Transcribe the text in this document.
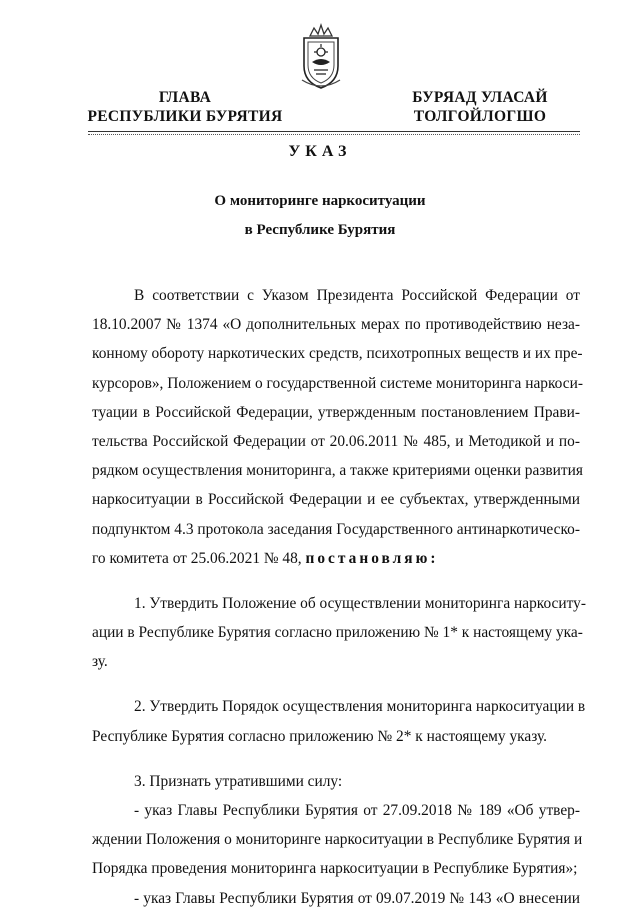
ГЛАВА
РЕСПУБЛИКИ БУРЯТИЯ
БУРЯАД УЛАСАЙ
ТОЛГОЙЛОГШО
УКАЗ
О мониторинге наркоситуации
в Республике Бурятия
В соответствии с Указом Президента Российской Федерации от
18.10.2007 № 1374 «О дополнительных мерах по противодействию неза-
конному обороту наркотических средств, психотропных веществ и их пре-
курсоров», Положением о государственной системе мониторинга наркоси-
туации в Российской Федерации, утвержденным постановлением Прави-
тельства Российской Федерации от 20.06.2011 № 485, и Методикой и по-
рядком осуществления мониторинга, а также критериями оценки развития
наркоситуации в Российской Федерации и ее субъектах, утвержденными
подпунктом 4.3 протокола заседания Государственного антинаркотическо-
го комитета от 25.06.2021 № 48, постановляю:
1. Утвердить Положение об осуществлении мониторинга наркоситу-
ации в Республике Бурятия согласно приложению № 1* к настоящему ука-
зу.
2. Утвердить Порядок осуществления мониторинга наркоситуации в
Республике Бурятия согласно приложению № 2* к настоящему указу.
3. Признать утратившими силу:
- указ Главы Республики Бурятия от 27.09.2018 № 189 «Об утвер-
ждении Положения о мониторинге наркоситуации в Республике Бурятия и
Порядка проведения мониторинга наркоситуации в Республике Бурятия»;
- указ Главы Республики Бурятия от 09.07.2019 № 143 «О внесении
